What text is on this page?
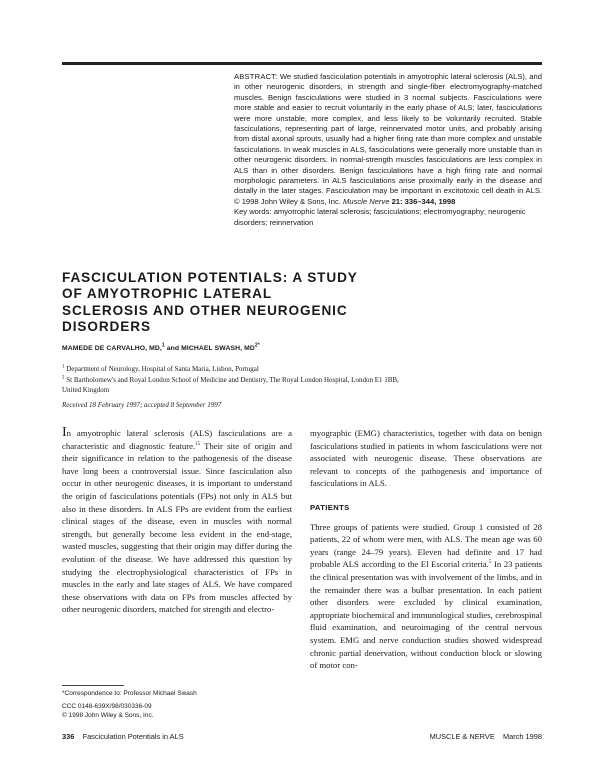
ABSTRACT: We studied fasciculation potentials in amyotrophic lateral sclerosis (ALS), and in other neurogenic disorders, in strength and single-fiber electromyography-matched muscles. Benign fasciculations were studied in 3 normal subjects. Fasciculations were more stable and easier to recruit voluntarily in the early phase of ALS; later, fasciculations were more unstable, more complex, and less likely to be voluntarily recruited. Stable fasciculations, representing part of large, reinnervated motor units, and probably arising from distal axonal sprouts, usually had a higher firing rate than more complex and unstable fasciculations. In weak muscles in ALS, fasciculations were generally more unstable than in other neurogenic disorders. In normal-strength muscles fasciculations are less complex in ALS than in other disorders. Benign fasciculations have a high firing rate and normal morphologic parameters. In ALS fasciculations arise proximally early in the disease and distally in the later stages. Fasciculation may be important in excitotoxic cell death in ALS. © 1998 John Wiley & Sons, Inc. Muscle Nerve 21: 336–344, 1998
Key words: amyotrophic lateral sclerosis; fasciculations; electromyography; neurogenic disorders; reinnervation
FASCICULATION POTENTIALS: A STUDY OF AMYOTROPHIC LATERAL SCLEROSIS AND OTHER NEUROGENIC DISORDERS
MAMEDE DE CARVALHO, MD,$^1$ and MICHAEL SWASH, $MD^{2*}$
$^1$ Department of Neurology, Hospital of Santa Maria, Lisbon, Portugal
$^2$ St Bartholomew's and Royal London School of Medicine and Dentistry, The Royal London Hospital, London E1 1BB, United Kingdom
Received 18 February 1997; accepted 8 September 1997
In amyotrophic lateral sclerosis (ALS) fasciculations are a characteristic and diagnostic feature.$^{15}$ Their site of origin and their significance in relation to the pathogenesis of the disease have long been a controversial issue. Since fasciculation also occur in other neurogenic diseases, it is important to understand the origin of fasciculations potentials (FPs) not only in ALS but also in these disorders. In ALS FPs are evident from the earliest clinical stages of the disease, even in muscles with normal strength, but generally become less evident in the end-stage, wasted muscles, suggesting that their origin may differ during the evolution of the disease. We have addressed this question by studying the electrophysiological characteristics of FPs in muscles in the early and late stages of ALS. We have compared these observations with data on FPs from muscles affected by other neurogenic disorders, matched for strength and electro-
myographic (EMG) characteristics, together with data on benign fasciculations studied in patients in whom fasciculations were not associated with neurogenic disease. These observations are relevant to concepts of the pathogenesis and importance of fasciculations in ALS.
PATIENTS
Three groups of patients were studied. Group 1 consisted of 28 patients, 22 of whom were men, with ALS. The mean age was 60 years (range 24–79 years). Eleven had definite and 17 had probable ALS according to the El Escorial criteria.$^5$ In 23 patients the clinical presentation was with involvement of the limbs, and in the remainder there was a bulbar presentation. In each patient other disorders were excluded by clinical examination, appropriate biochemical and immunological studies, cerebrospinal fluid examination, and neuroimaging of the central nervous system. EMG and nerve conduction studies showed widespread chronic partial denervation, without conduction block or slowing of motor con-
*Correspondence to: Professor Michael Swash
CCC 0148-639X/98/030336-09
© 1998 John Wiley & Sons, Inc.
336 Fasciculation Potentials in ALS	MUSCLE & NERVE March 1998
